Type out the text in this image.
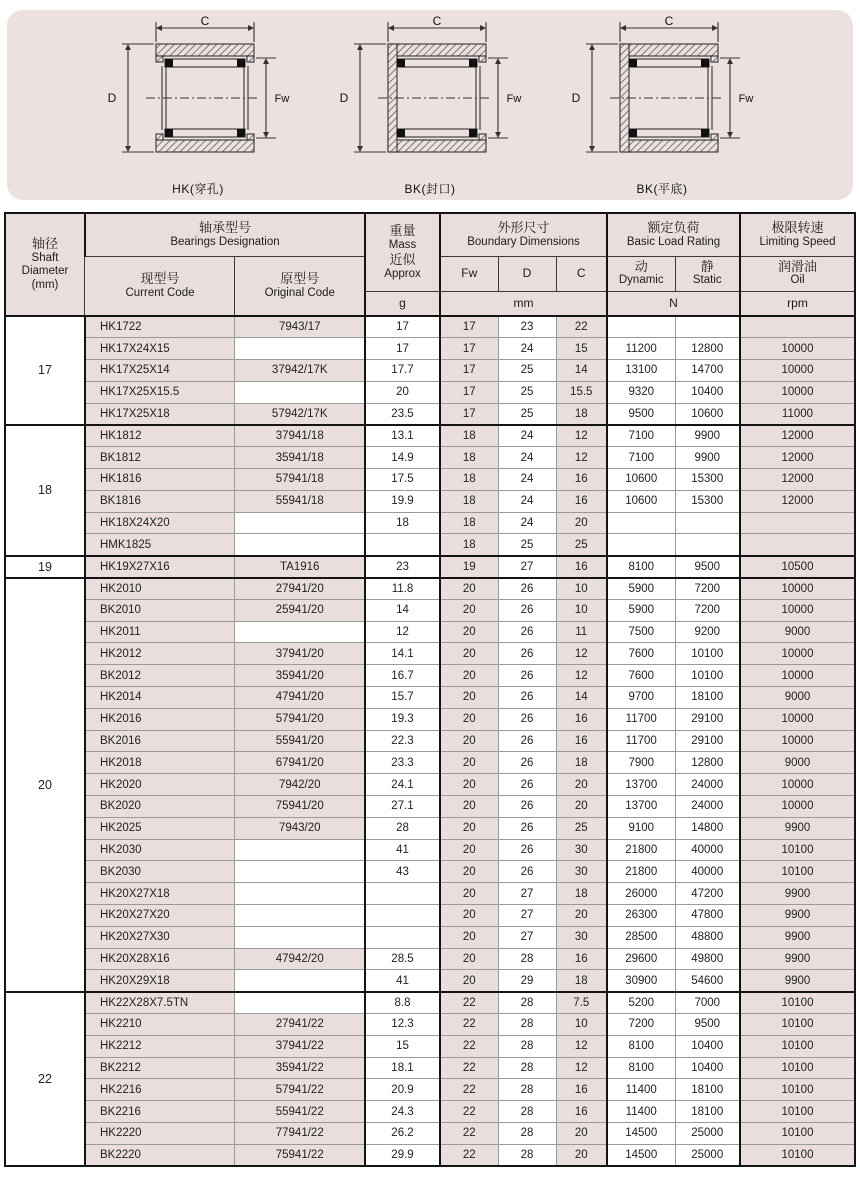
C
D	Fw
HK(穿孔)
C
D	Fw
BK(封口)
C
D	Fw
BK(平底)
轴径
Shaft
Diameter
(mm)	轴承型号
Bearings Designation		重量
Mass
近似
Approx	外形尺寸
Boundary Dimensions			额定负荷
Basic Load Rating		极限转速
Limiting Speed

	现型号
Current Code	原型号
Original Code		Fw	D	C	动
Dynamic	静
Static	润滑油
Oil

			g	mm			N		rpm
17	HK1722	7943/17	17	17	23	22			
	HK17X24X15		17	17	24	15	11200	12800	10000
	HK17X25X14	37942/17K	17.7	17	25	14	13100	14700	10000
	HK17X25X15.5		20	17	25	15.5	9320	10400	10000
	HK17X25X18	57942/17K	23.5	17	25	18	9500	10600	11000
18	HK1812	37941/18	13.1	18	24	12	7100	9900	12000
	BK1812	35941/18	14.9	18	24	12	7100	9900	12000
	HK1816	57941/18	17.5	18	24	16	10600	15300	12000
	BK1816	55941/18	19.9	18	24	16	10600	15300	12000
	HK18X24X20		18	18	24	20			
	HMK1825			18	25	25			
19	HK19X27X16	TA1916	23	19	27	16	8100	9500	10500
20	HK2010	27941/20	11.8	20	26	10	5900	7200	10000
	BK2010	25941/20	14	20	26	10	5900	7200	10000
	HK2011		12	20	26	11	7500	9200	9000
	HK2012	37941/20	14.1	20	26	12	7600	10100	10000
	BK2012	35941/20	16.7	20	26	12	7600	10100	10000
	HK2014	47941/20	15.7	20	26	14	9700	18100	9000
	HK2016	57941/20	19.3	20	26	16	11700	29100	10000
	BK2016	55941/20	22.3	20	26	16	11700	29100	10000
	HK2018	67941/20	23.3	20	26	18	7900	12800	9000
	HK2020	7942/20	24.1	20	26	20	13700	24000	10000
	BK2020	75941/20	27.1	20	26	20	13700	24000	10000
	HK2025	7943/20	28	20	26	25	9100	14800	9900
	HK2030		41	20	26	30	21800	40000	10100
	BK2030		43	20	26	30	21800	40000	10100
	HK20X27X18			20	27	18	26000	47200	9900
	HK20X27X20			20	27	20	26300	47800	9900
	HK20X27X30			20	27	30	28500	48800	9900
	HK20X28X16	47942/20	28.5	20	28	16	29600	49800	9900
	HK20X29X18		41	20	29	18	30900	54600	9900
22	HK22X28X7.5TN		8.8	22	28	7.5	5200	7000	10100
	HK2210	27941/22	12.3	22	28	10	7200	9500	10100
	HK2212	37941/22	15	22	28	12	8100	10400	10100
	BK2212	35941/22	18.1	22	28	12	8100	10400	10100
	HK2216	57941/22	20.9	22	28	16	11400	18100	10100
	BK2216	55941/22	24.3	22	28	16	11400	18100	10100
	HK2220	77941/22	26.2	22	28	20	14500	25000	10100
	BK2220	75941/22	29.9	22	28	20	14500	25000	10100
